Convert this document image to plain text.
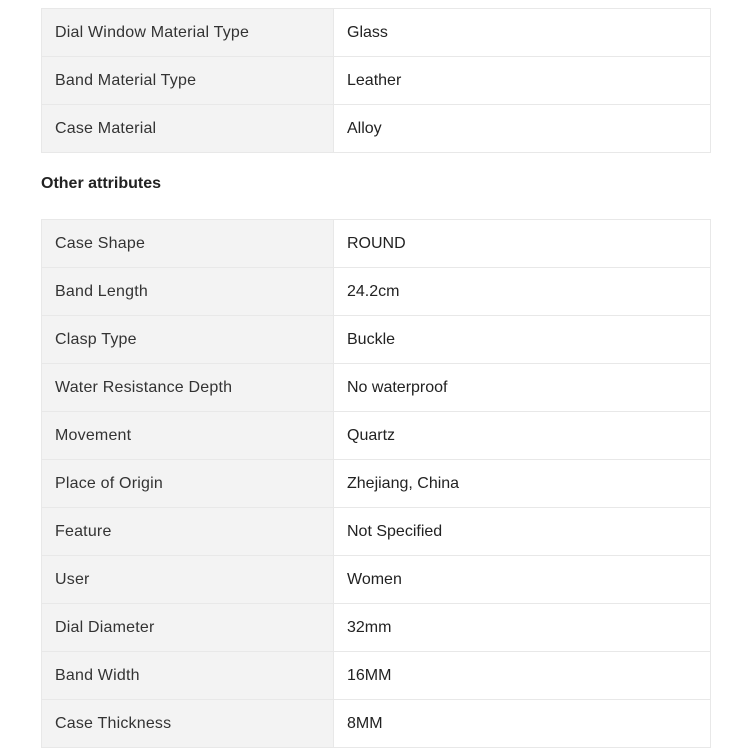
Dial Window Material Type	Glass
Band Material Type	Leather
Case Material	Alloy
Other attributes
Case Shape	ROUND
Band Length	24.2cm
Clasp Type	Buckle
Water Resistance Depth	No waterproof
Movement	Quartz
Place of Origin	Zhejiang, China
Feature	Not Specified
User	Women
Dial Diameter	32mm
Band Width	16MM
Case Thickness	8MM
